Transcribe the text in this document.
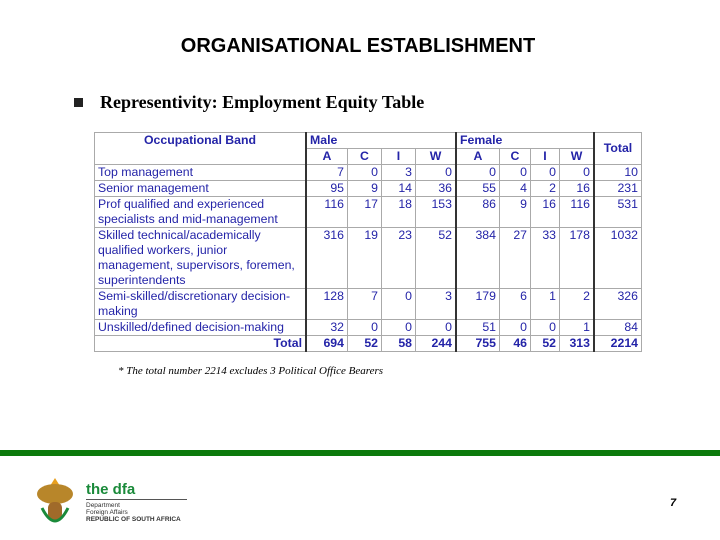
ORGANISATIONAL ESTABLISHMENT
Representivity: Employment Equity Table
Occupational Band	Male				Female				Total
	A	C	I	W	A	C	I	W	
Top management	7	0	3	0	0	0	0	0	10
Senior management	95	9	14	36	55	4	2	16	231
Prof qualified and experienced specialists and mid-management	116	17	18	153	86	9	16	116	531
Skilled technical/academically qualified workers, junior management, supervisors, foremen, superintendents	316	19	23	52	384	27	33	178	1032
Semi-skilled/discretionary decision-making	128	7	0	3	179	6	1	2	326
Unskilled/defined decision-making	32	0	0	0	51	0	0	1	84
Total	694	52	58	244	755	46	52	313	2214
* The total number 2214 excludes 3 Political Office Bearers
the dfa
Department
Foreign Affairs
REPUBLIC OF SOUTH AFRICA
7
